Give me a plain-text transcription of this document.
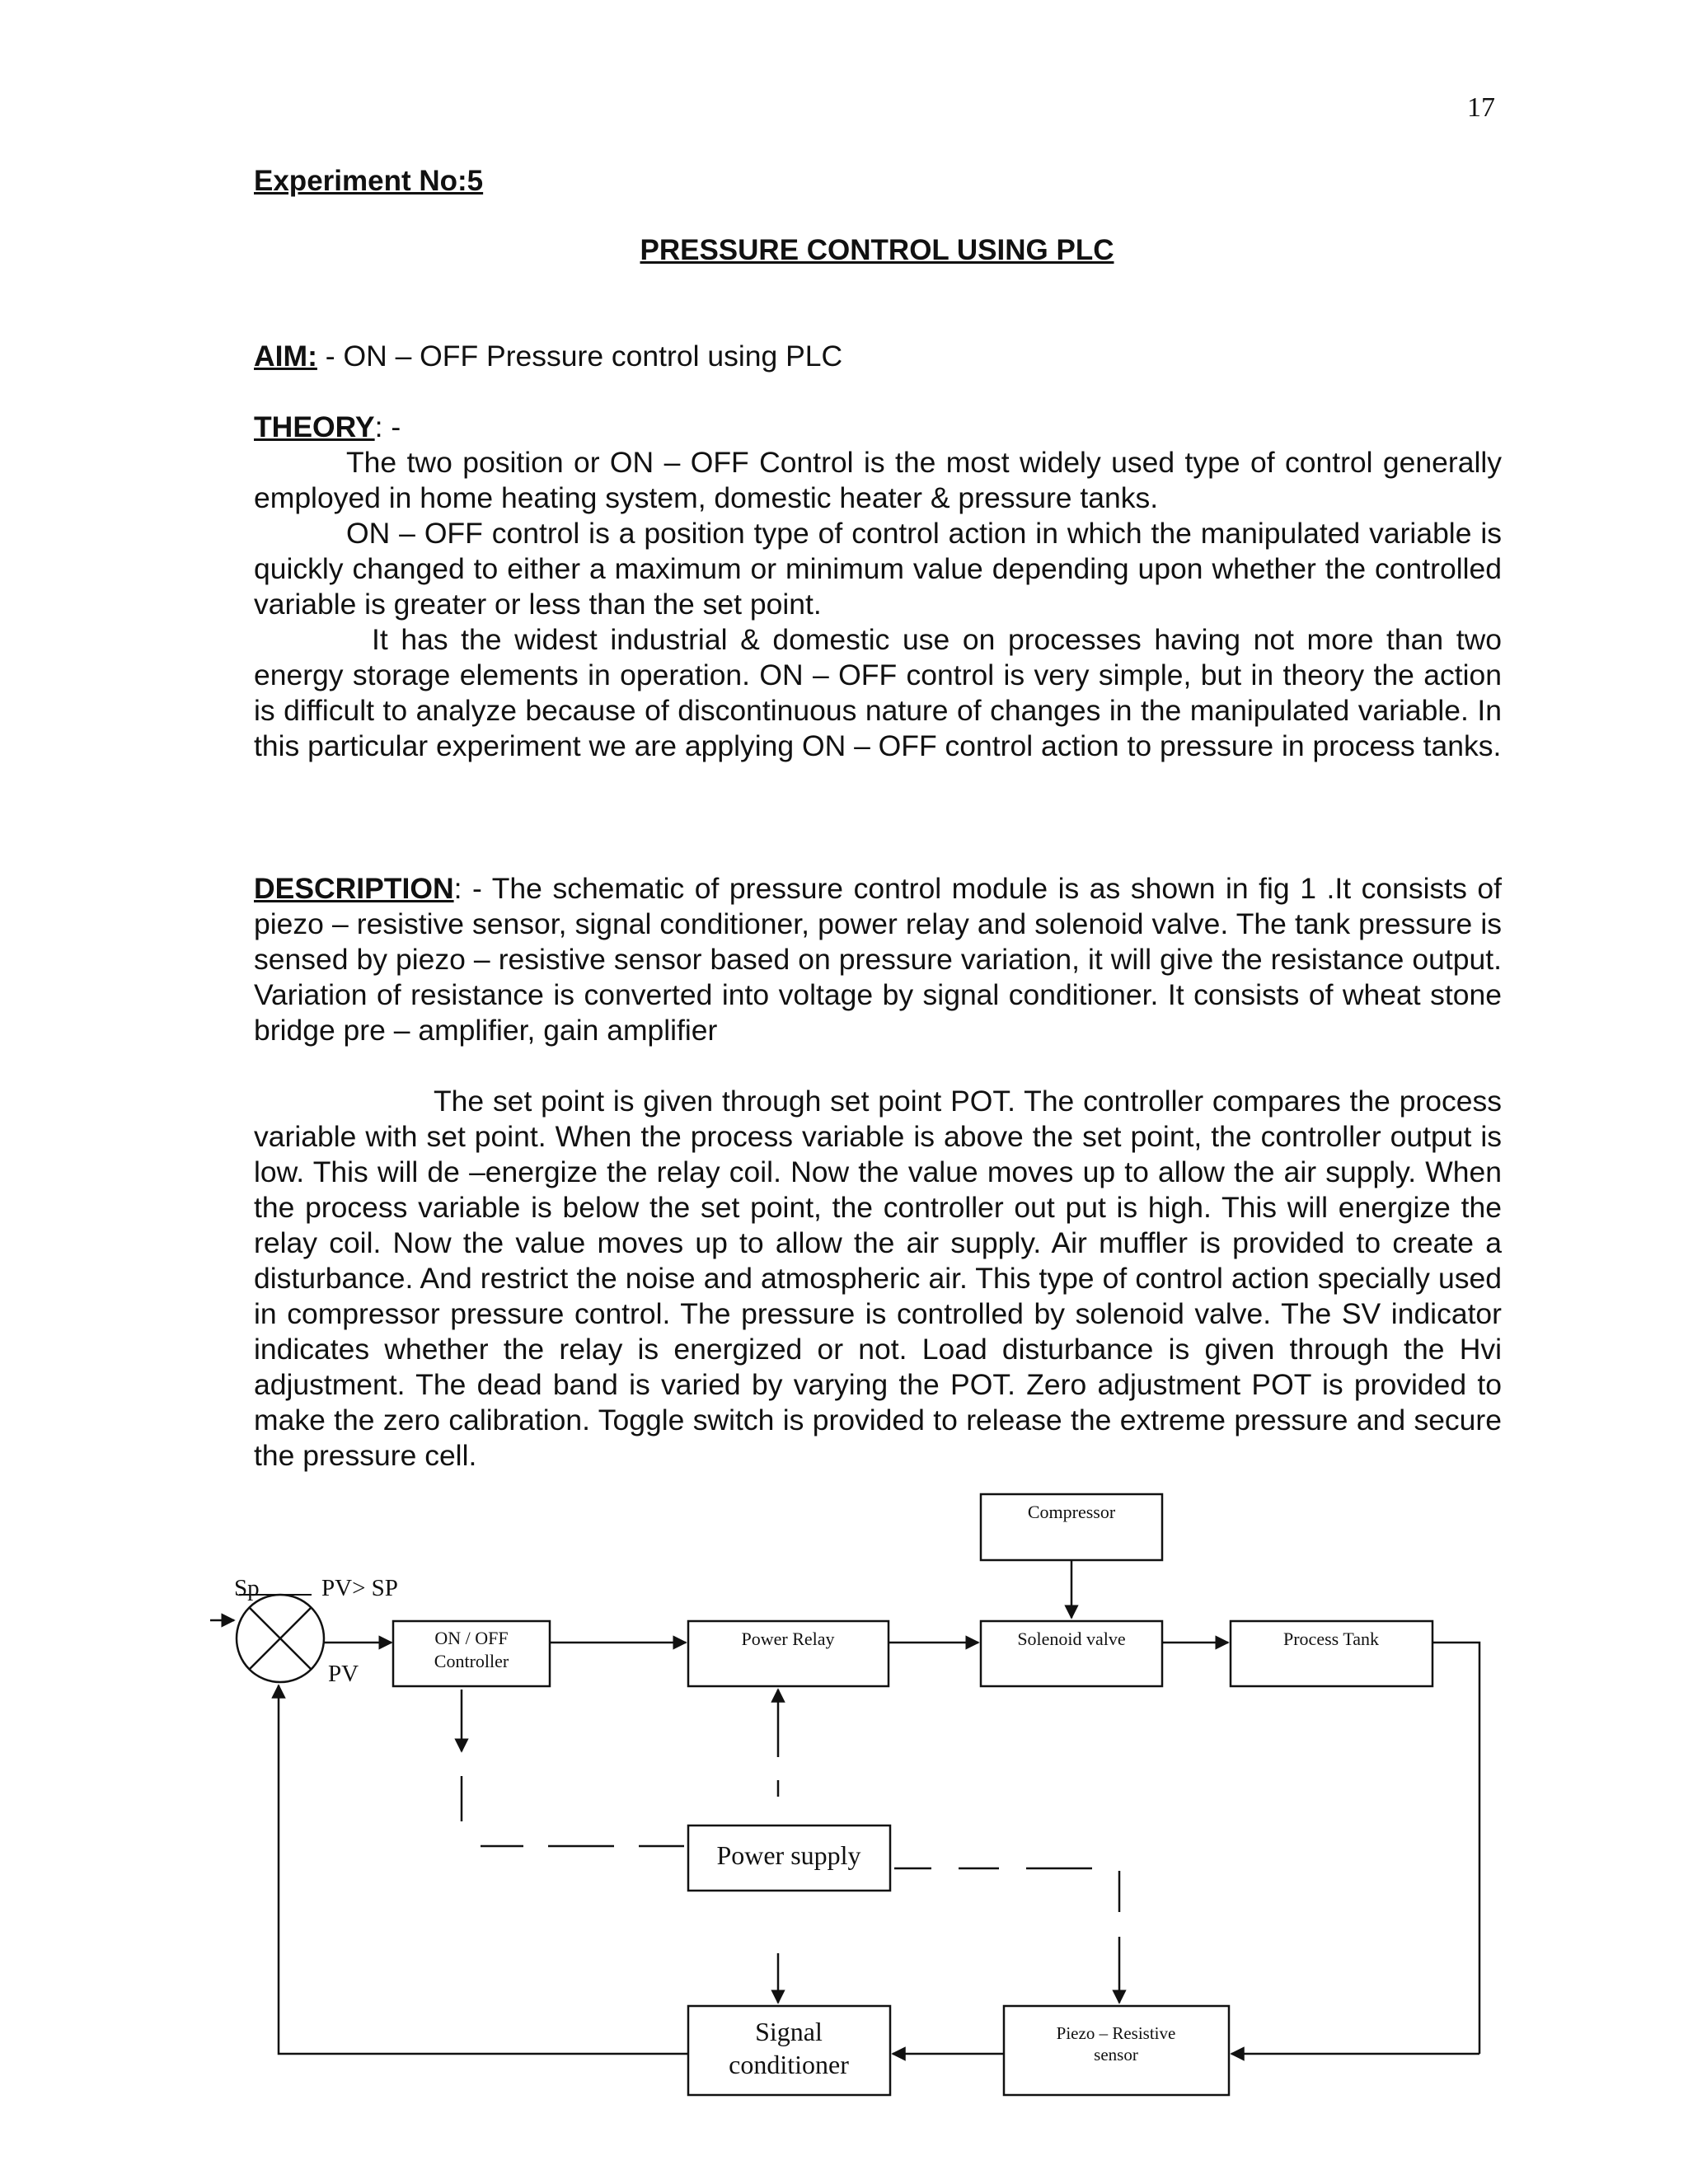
17
Experiment No:5
PRESSURE CONTROL USING PLC
AIM: - ON – OFF Pressure control using PLC

THEORY: -

The two position or ON – OFF Control is the most widely used type of control generally employed in home heating system, domestic heater & pressure tanks.

ON – OFF control is a position type of control action in which the manipulated variable is quickly changed to either a maximum or minimum value depending upon whether the controlled variable is greater or less than the set point.

It has the widest industrial & domestic use on processes having not more than two energy storage elements in operation. ON – OFF control is very simple, but in theory the action is difficult to analyze because of discontinuous nature of changes in the manipulated variable. In this particular experiment we are applying ON – OFF control action to pressure in process tanks.

DESCRIPTION: - The schematic of pressure control module is as shown in fig 1 .It consists of piezo – resistive sensor, signal conditioner, power relay and solenoid valve. The tank pressure is sensed by piezo – resistive sensor based on pressure variation, it will give the resistance output. Variation of resistance is converted into voltage by signal conditioner. It consists of wheat stone bridge pre – amplifier, gain amplifier

The set point is given through set point POT. The controller compares the process variable with set point. When the process variable is above the set point, the controller output is low. This will de –energize the relay coil. Now the value moves up to allow the air supply. When the process variable is below the set point, the controller out put is high. This will energize the relay coil. Now the value moves up to allow the air supply. Air muffler is provided to create a disturbance. And restrict the noise and atmospheric air. This type of control action specially used in compressor pressure control. The pressure is controlled by solenoid valve. The SV indicator indicates whether the relay is energized or not. Load disturbance is given through the Hvi adjustment. The dead band is varied by varying the POT. Zero adjustment POT is provided to make the zero calibration. Toggle switch is provided to release the extreme pressure and secure the pressure cell.

Compressor
Sp	PV> SP
PV
ON / OFF
Controller
Power Relay	Solenoid valve	Process Tank
Power supply
Signal
conditioner
Piezo – Resistive
sensor
